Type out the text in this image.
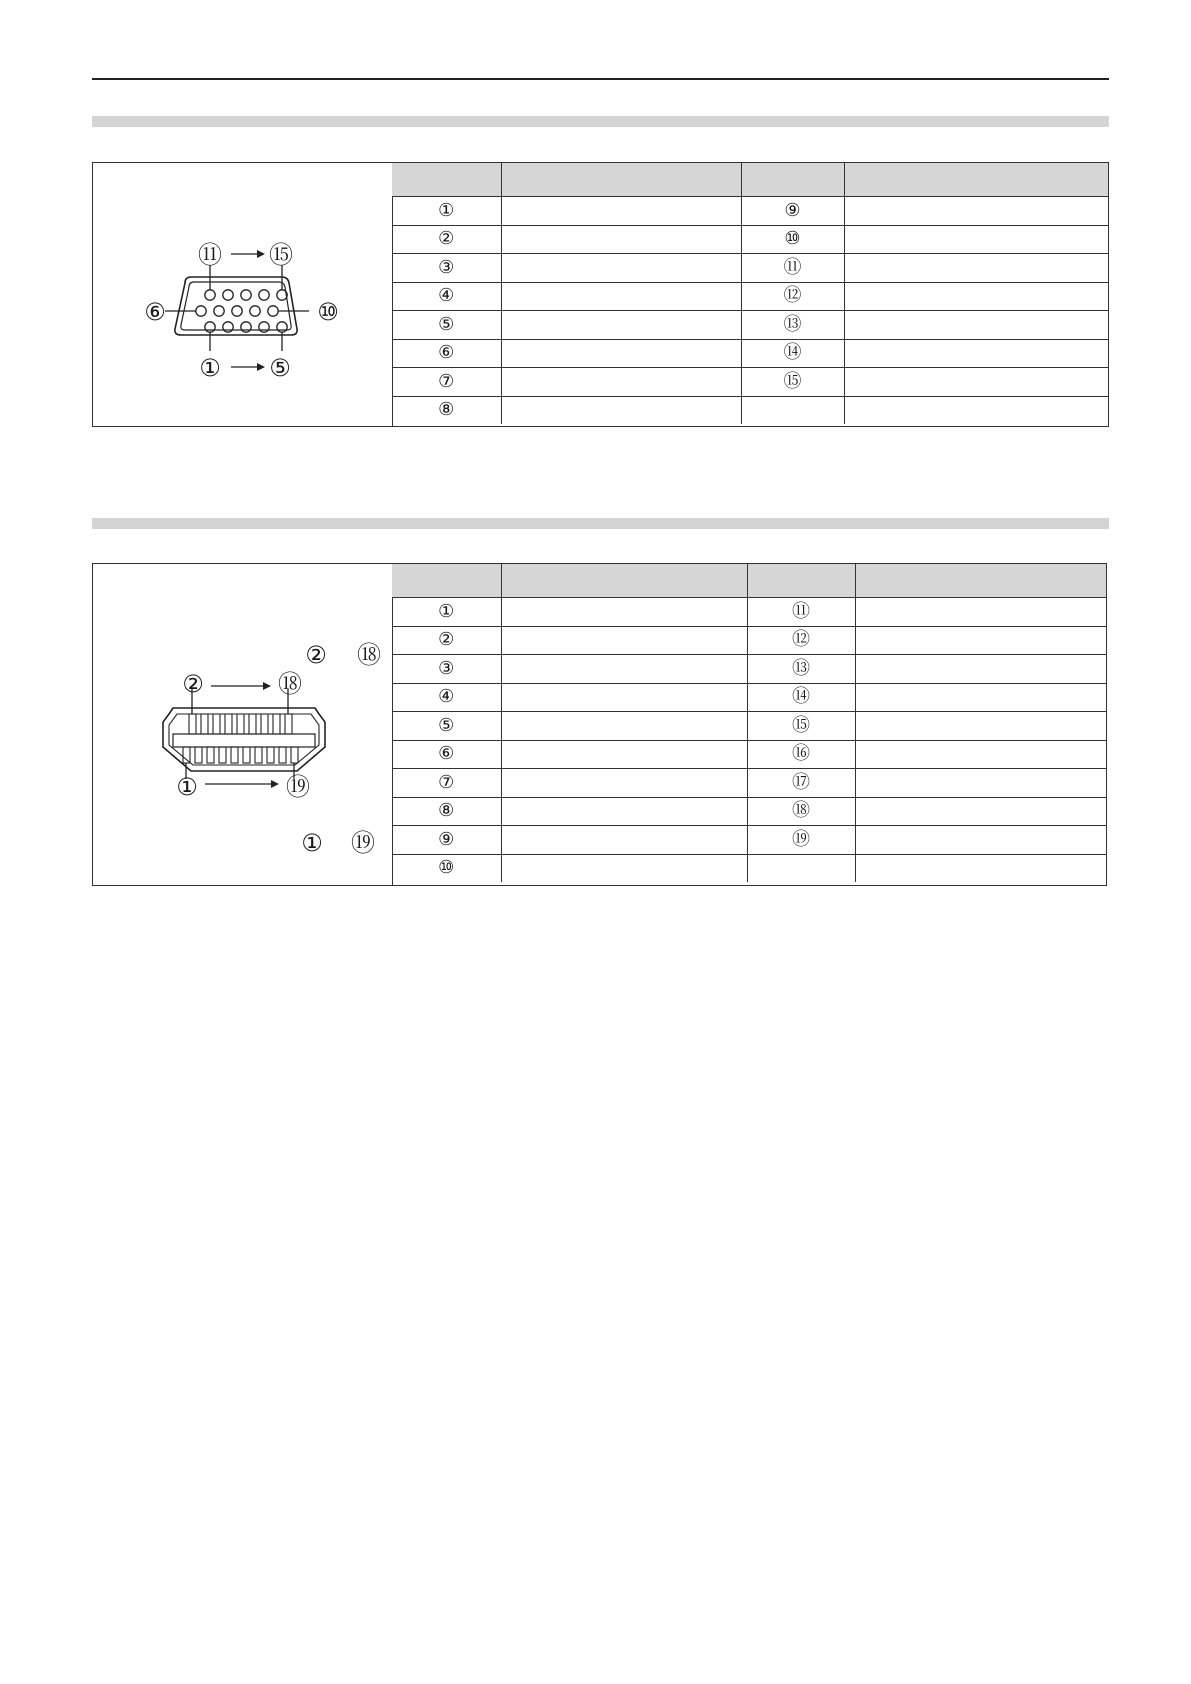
⑪ ⑮
⑥	⑩
① ⑤

①		⑨	
②		⑩	
③		⑪	
④		⑫	
⑤		⑬	
⑥		⑭	
⑦		⑮	
⑧			
② ⑱
②	⑱
①	⑲
① ⑲

①		⑪	
②		⑫	
③		⑬	
④		⑭	
⑤		⑮	
⑥		⑯	
⑦		⑰	
⑧		⑱	
⑨		⑲	
⑩			
